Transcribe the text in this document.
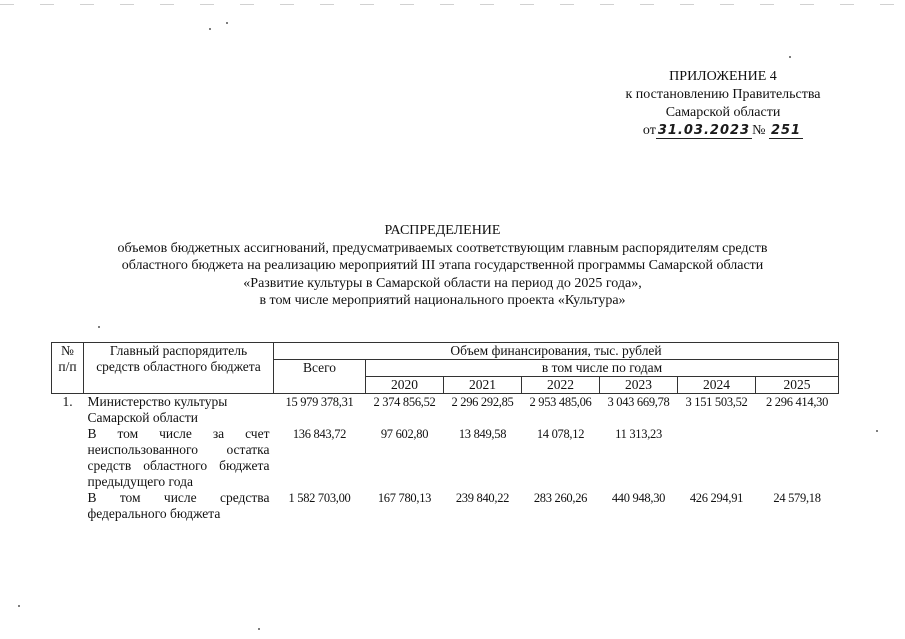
ПРИЛОЖЕНИЕ 4
к постановлению Правительства
Самарской области
от 31.03.2023 № 251
РАСПРЕДЕЛЕНИЕ
объемов бюджетных ассигнований, предусматриваемых соответствующим главным распорядителям средств
областного бюджета на реализацию мероприятий III этапа государственной программы Самарской области
«Развитие культуры в Самарской области на период до 2025 года»,
в том числе мероприятий национального проекта «Культура»
№ п/п	Главный распорядитель средств областного бюджета	Объем финансирования, тыс. рублей						
		Всего	в том числе по годам					
			2020	2021	2022	2023	2024	2025
1.	Министерство культуры Самарской области	15 979 378,31	2 374 856,52	2 296 292,85	2 953 485,06	3 043 669,78	3 151 503,52	2 296 414,30
	В том числе за счет неиспользованного остатка средств областного бюджета предыдущего года	136 843,72	97 602,80	13 849,58	14 078,12	11 313,23		
	В том числе средства федерального бюджета	1 582 703,00	167 780,13	239 840,22	283 260,26	440 948,30	426 294,91	24 579,18
